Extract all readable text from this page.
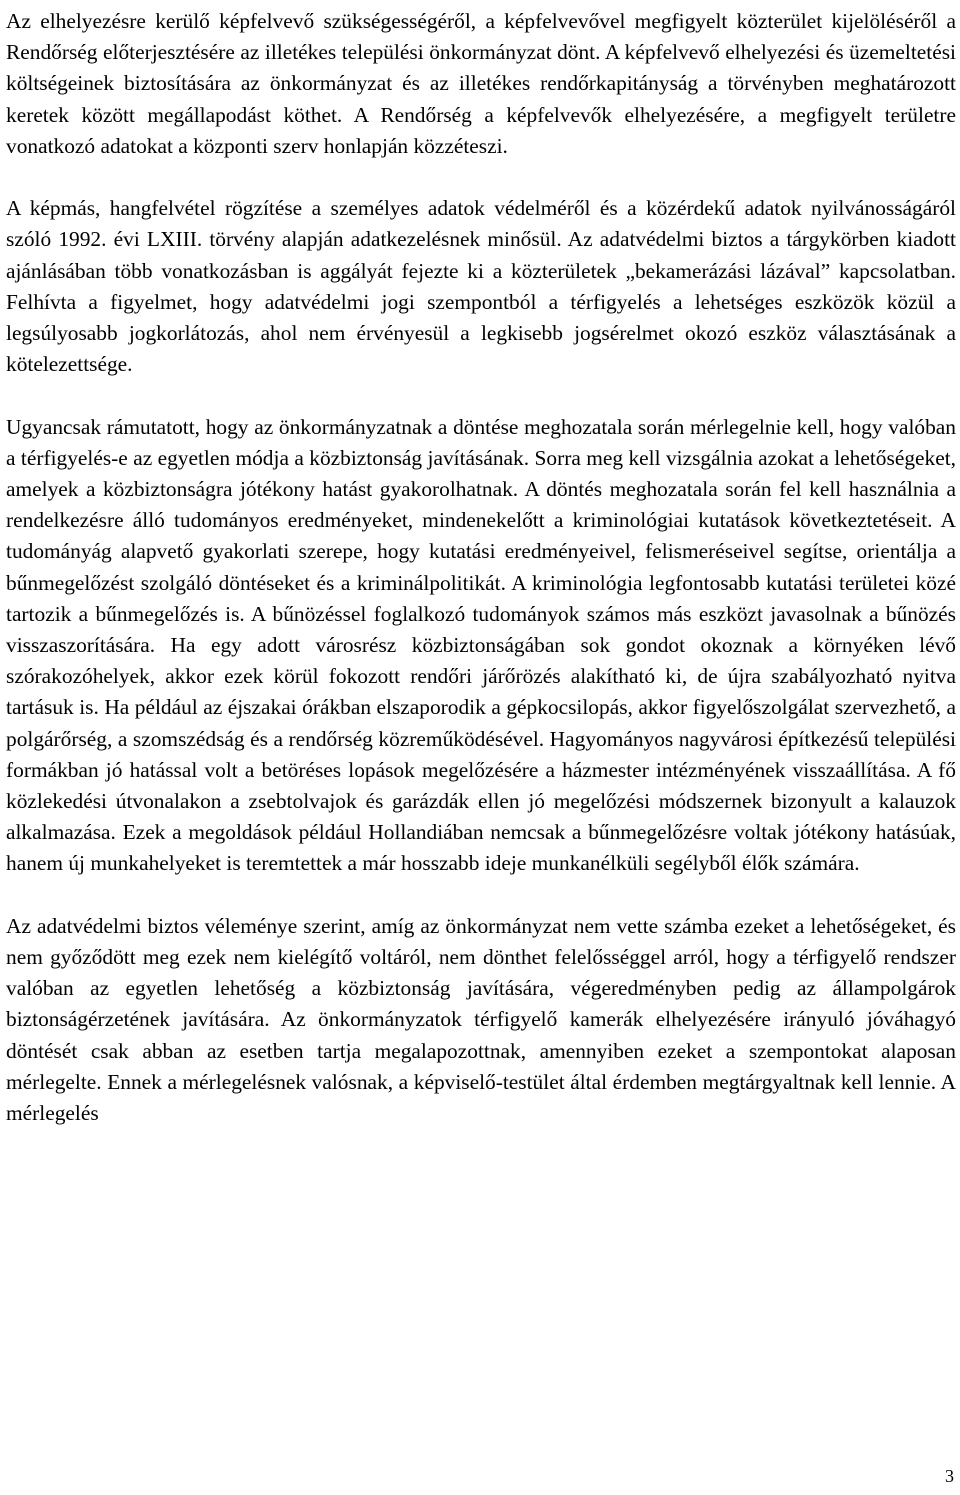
Az elhelyezésre kerülő képfelvevő szükségességéről, a képfelvevővel megfigyelt közterület kijelöléséről a Rendőrség előterjesztésére az illetékes települési önkormányzat dönt. A képfelvevő elhelyezési és üzemeltetési költségeinek biztosítására az önkormányzat és az illetékes rendőrkapitányság a törvényben meghatározott keretek között megállapodást köthet. A Rendőrség a képfelvevők elhelyezésére, a megfigyelt területre vonatkozó adatokat a központi szerv honlapján közzéteszi.

A képmás, hangfelvétel rögzítése a személyes adatok védelméről és a közérdekű adatok nyilvánosságáról szóló 1992. évi LXIII. törvény alapján adatkezelésnek minősül. Az adatvédelmi biztos a tárgykörben kiadott ajánlásában több vonatkozásban is aggályát fejezte ki a közterületek „bekamerázási lázával” kapcsolatban. Felhívta a figyelmet, hogy adatvédelmi jogi szempontból a térfigyelés a lehetséges eszközök közül a legsúlyosabb jogkorlátozás, ahol nem érvényesül a legkisebb jogsérelmet okozó eszköz választásának a kötelezettsége.

Ugyancsak rámutatott, hogy az önkormányzatnak a döntése meghozatala során mérlegelnie kell, hogy valóban a térfigyelés-e az egyetlen módja a közbiztonság javításának. Sorra meg kell vizsgálnia azokat a lehetőségeket, amelyek a közbiztonságra jótékony hatást gyakorolhatnak. A döntés meghozatala során fel kell használnia a rendelkezésre álló tudományos eredményeket, mindenekelőtt a kriminológiai kutatások következtetéseit. A tudományág alapvető gyakorlati szerepe, hogy kutatási eredményeivel, felismeréseivel segítse, orientálja a bűnmegelőzést szolgáló döntéseket és a kriminálpolitikát. A kriminológia legfontosabb kutatási területei közé tartozik a bűnmegelőzés is. A bűnözéssel foglalkozó tudományok számos más eszközt javasolnak a bűnözés visszaszorítására. Ha egy adott városrész közbiztonságában sok gondot okoznak a környéken lévő szórakozóhelyek, akkor ezek körül fokozott rendőri járőrözés alakítható ki, de újra szabályozható nyitva tartásuk is. Ha például az éjszakai órákban elszaporodik a gépkocsilopás, akkor figyelőszolgálat szervezhető, a polgárőrség, a szomszédság és a rendőrség közreműködésével. Hagyományos nagyvárosi építkezésű települési formákban jó hatással volt a betöréses lopások megelőzésére a házmester intézményének visszaállítása. A fő közlekedési útvonalakon a zsebtolvajok és garázdák ellen jó megelőzési módszernek bizonyult a kalauzok alkalmazása. Ezek a megoldások például Hollandiában nemcsak a bűnmegelőzésre voltak jótékony hatásúak, hanem új munkahelyeket is teremtettek a már hosszabb ideje munkanélküli segélyből élők számára.

Az adatvédelmi biztos véleménye szerint, amíg az önkormányzat nem vette számba ezeket a lehetőségeket, és nem győződött meg ezek nem kielégítő voltáról, nem dönthet felelősséggel arról, hogy a térfigyelő rendszer valóban az egyetlen lehetőség a közbiztonság javítására, végeredményben pedig az állampolgárok biztonságérzetének javítására. Az önkormányzatok térfigyelő kamerák elhelyezésére irányuló jóváhagyó döntését csak abban az esetben tartja megalapozottnak, amennyiben ezeket a szempontokat alaposan mérlegelte. Ennek a mérlegelésnek valósnak, a képviselő-testület által érdemben megtárgyaltnak kell lennie. A mérlegelés

3
